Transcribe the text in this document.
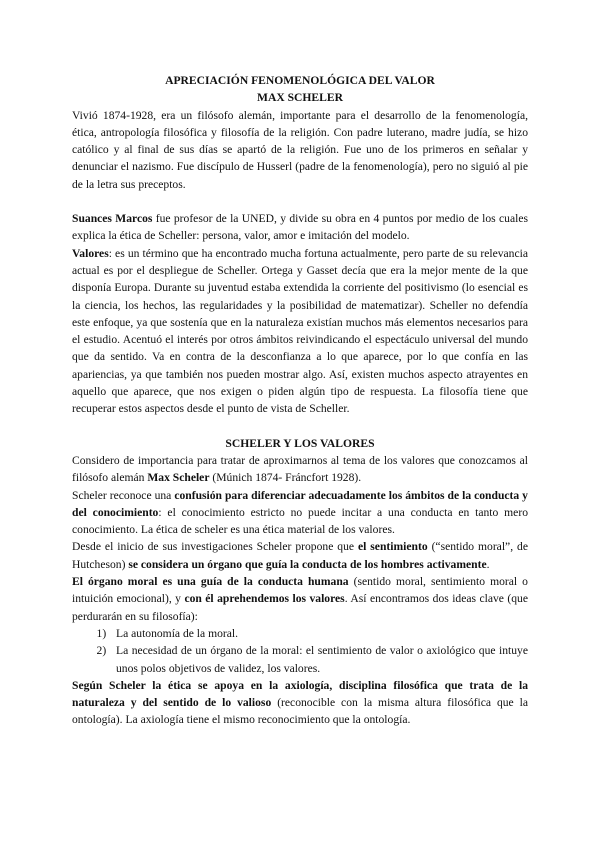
APRECIACIÓN FENOMENOLÓGICA DEL VALOR
MAX SCHELER

Vivió 1874-1928, era un filósofo alemán, importante para el desarrollo de la fenomenología, ética, antropología filosófica y filosofía de la religión. Con padre luterano, madre judía, se hizo católico y al final de sus días se apartó de la religión. Fue uno de los primeros en señalar y denunciar el nazismo. Fue discípulo de Husserl (padre de la fenomenología), pero no siguió al pie de la letra sus preceptos.

Suances Marcos fue profesor de la UNED, y divide su obra en 4 puntos por medio de los cuales explica la ética de Scheller: persona, valor, amor e imitación del modelo.

Valores: es un término que ha encontrado mucha fortuna actualmente, pero parte de su relevancia actual es por el despliegue de Scheller. Ortega y Gasset decía que era la mejor mente de la que disponía Europa. Durante su juventud estaba extendida la corriente del positivismo (lo esencial es la ciencia, los hechos, las regularidades y la posibilidad de matematizar). Scheller no defendía este enfoque, ya que sostenía que en la naturaleza existían muchos más elementos necesarios para el estudio. Acentuó el interés por otros ámbitos reivindicando el espectáculo universal del mundo que da sentido. Va en contra de la desconfianza a lo que aparece, por lo que confía en las apariencias, ya que también nos pueden mostrar algo. Así, existen muchos aspecto atrayentes en aquello que aparece, que nos exigen o piden algún tipo de respuesta. La filosofía tiene que recuperar estos aspectos desde el punto de vista de Scheller.

SCHELER Y LOS VALORES

Considero de importancia para tratar de aproximarnos al tema de los valores que conozcamos al filósofo alemán Max Scheler (Múnich 1874- Fráncfort 1928).

Scheler reconoce una confusión para diferenciar adecuadamente los ámbitos de la conducta y del conocimiento: el conocimiento estricto no puede incitar a una conducta en tanto mero conocimiento. La ética de scheler es una ética material de los valores.

Desde el inicio de sus investigaciones Scheler propone que el sentimiento (“sentido moral”, de Hutcheson) se considera un órgano que guía la conducta de los hombres activamente.

El órgano moral es una guía de la conducta humana (sentido moral, sentimiento moral o intuición emocional), y con él aprehendemos los valores. Así encontramos dos ideas clave (que perdurarán en su filosofía):

1. La autonomía de la moral.
2. La necesidad de un órgano de la moral: el sentimiento de valor o axiológico que intuye unos polos objetivos de validez, los valores.

Según Scheler la ética se apoya en la axiología, disciplina filosófica que trata de la naturaleza y del sentido de lo valioso (reconocible con la misma altura filosófica que la ontología). La axiología tiene el mismo reconocimiento que la ontología.
